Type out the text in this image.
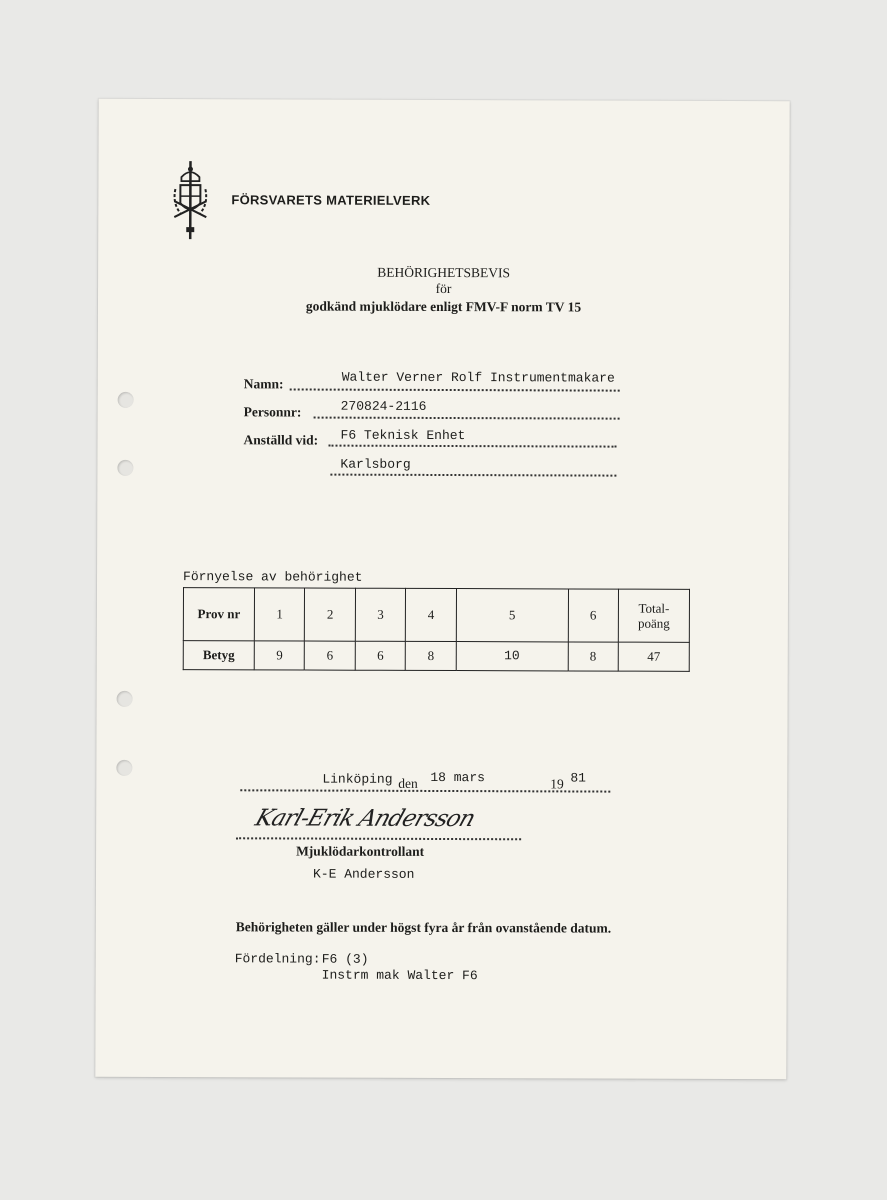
FÖRSVARETS MATERIELVERK
BEHÖRIGHETSBEVIS
för
godkänd mjuklödare enligt FMV-F norm TV 15
Namn:	Walter Verner Rolf Instrumentmakare
Personnr:	270824-2116
Anställd vid: F6 Teknisk Enhet
Karlsborg
Förnyelse av behörighet
Prov nr	1	2	3	4	5	6	Total-
poäng
Betyg	9	6	6	8	10	8	47
Linköping den 18 mars	19 81
Karl-Erik Andersson
Mjuklödarkontrollant
K-E Andersson
Behörigheten gäller under högst fyra år från ovanstående datum.
Fördelning: F6 (3)
Instrm mak Walter F6
